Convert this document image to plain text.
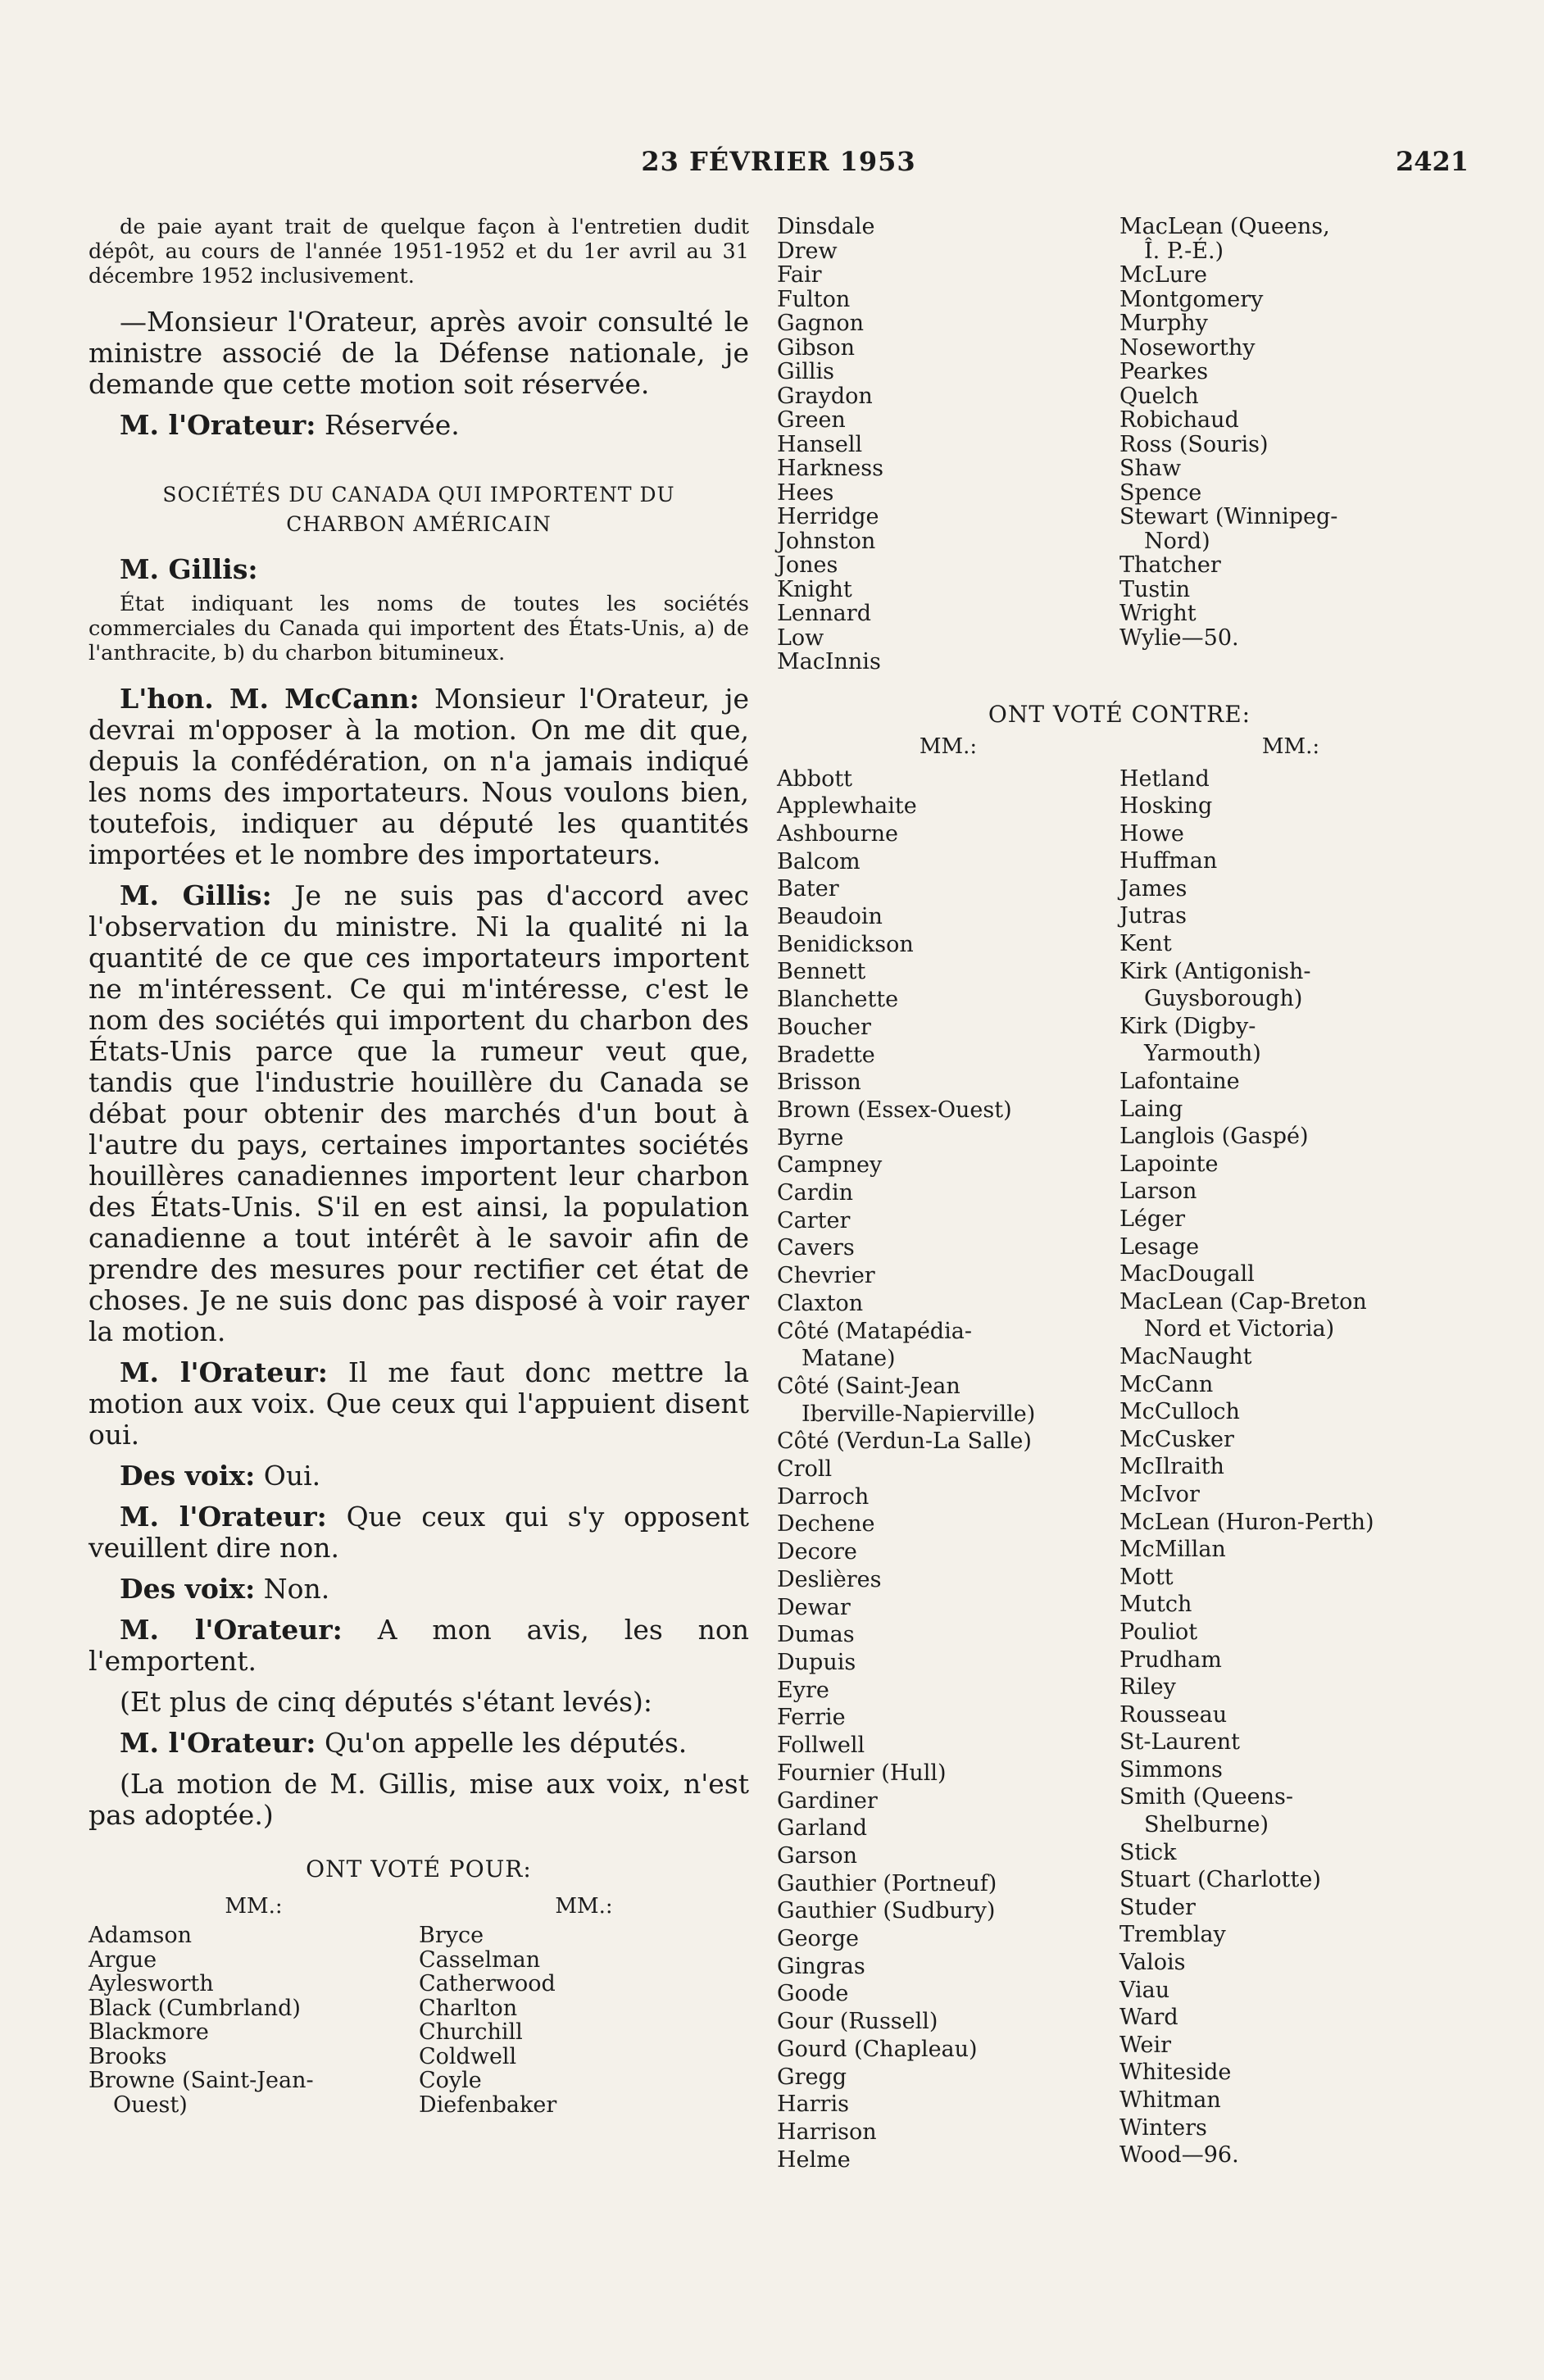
23 FÉVRIER 1953	2421

de paie ayant trait de quelque façon à l'entretien dudit dépôt, au cours de l'année 1951-1952 et du 1er avril au 31 décembre 1952 inclusivement.

—Monsieur l'Orateur, après avoir consulté le ministre associé de la Défense nationale, je demande que cette motion soit réservée.

M. l'Orateur: Réservée.

SOCIÉTÉS DU CANADA QUI IMPORTENT DU
CHARBON AMÉRICAIN
M. Gillis:

État indiquant les noms de toutes les sociétés commerciales du Canada qui importent des États-Unis, a) de l'anthracite, b) du charbon bitumineux.

L'hon. M. McCann: Monsieur l'Orateur, je devrai m'opposer à la motion. On me dit que, depuis la confédération, on n'a jamais indiqué les noms des importateurs. Nous voulons bien, toutefois, indiquer au député les quantités importées et le nombre des importateurs.

M. Gillis: Je ne suis pas d'accord avec l'observation du ministre. Ni la qualité ni la quantité de ce que ces importateurs importent ne m'intéressent. Ce qui m'intéresse, c'est le nom des sociétés qui importent du charbon des États-Unis parce que la rumeur veut que, tandis que l'industrie houillère du Canada se débat pour obtenir des marchés d'un bout à l'autre du pays, certaines importantes sociétés houillères canadiennes importent leur charbon des États-Unis. S'il en est ainsi, la population canadienne a tout intérêt à le savoir afin de prendre des mesures pour rectifier cet état de choses. Je ne suis donc pas disposé à voir rayer la motion.

M. l'Orateur: Il me faut donc mettre la motion aux voix. Que ceux qui l'appuient disent oui.

Des voix: Oui.

M. l'Orateur: Que ceux qui s'y opposent veuillent dire non.

Des voix: Non.

M. l'Orateur: A mon avis, les non l'emportent.

(Et plus de cinq députés s'étant levés):

M. l'Orateur: Qu'on appelle les députés.

(La motion de M. Gillis, mise aux voix, n'est pas adoptée.)

ONT VOTÉ POUR:
MM.:	MM.:
Adamson
Argue
Aylesworth
Black (Cumbrland)
Blackmore
Brooks
Browne (Saint-Jean-
Ouest)
Bryce
Casselman
Catherwood
Charlton
Churchill
Coldwell
Coyle
Diefenbaker
Dinsdale
Drew
Fair
Fulton
Gagnon
Gibson
Gillis
Graydon
Green
Hansell
Harkness
Hees
Herridge
Johnston
Jones
Knight
Lennard
Low
MacInnis
MacLean (Queens,
Î. P.-É.)
McLure
Montgomery
Murphy
Noseworthy
Pearkes
Quelch
Robichaud
Ross (Souris)
Shaw
Spence
Stewart (Winnipeg-
Nord)
Thatcher
Tustin
Wright
Wylie—50.
ONT VOTÉ CONTRE:
MM.:	MM.:
Abbott
Applewhaite
Ashbourne
Balcom
Bater
Beaudoin
Benidickson
Bennett
Blanchette
Boucher
Bradette
Brisson
Brown (Essex-Ouest)
Byrne
Campney
Cardin
Carter
Cavers
Chevrier
Claxton
Côté (Matapédia-
Matane)
Côté (Saint-Jean
Iberville-Napierville)
Côté (Verdun-La Salle)
Croll
Darroch
Dechene
Decore
Deslières
Dewar
Dumas
Dupuis
Eyre
Ferrie
Follwell
Fournier (Hull)
Gardiner
Garland
Garson
Gauthier (Portneuf)
Gauthier (Sudbury)
George
Gingras
Goode
Gour (Russell)
Gourd (Chapleau)
Gregg
Harris
Harrison
Helme
Hetland
Hosking
Howe
Huffman
James
Jutras
Kent
Kirk (Antigonish-
Guysborough)
Kirk (Digby-
Yarmouth)
Lafontaine
Laing
Langlois (Gaspé)
Lapointe
Larson
Léger
Lesage
MacDougall
MacLean (Cap-Breton
Nord et Victoria)
MacNaught
McCann
McCulloch
McCusker
McIlraith
McIvor
McLean (Huron-Perth)
McMillan
Mott
Mutch
Pouliot
Prudham
Riley
Rousseau
St-Laurent
Simmons
Smith (Queens-
Shelburne)
Stick
Stuart (Charlotte)
Studer
Tremblay
Valois
Viau
Ward
Weir
Whiteside
Whitman
Winters
Wood—96.
